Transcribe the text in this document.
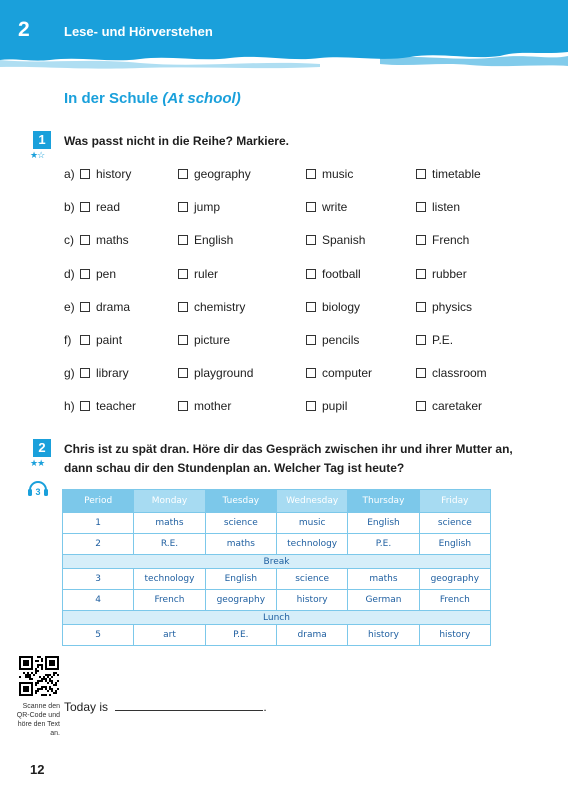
2	Lese- und Hörverstehen
In der Schule (At school)
1
★☆
Was passt nicht in die Reihe? Markiere.
a) history	geography	music	timetable
b) read	jump	write	listen
c) maths	English	Spanish	French
d) pen	ruler	football	rubber
e) drama	chemistry	biology	physics
f) paint	picture	pencils	P.E.
g) library	playground	computer	classroom
h) teacher	mother	pupil	caretaker
2
★★
3
Chris ist zu spät dran. Höre dir das Gespräch zwischen ihr und ihrer Mutter an, dann schau dir den Stundenplan an. Welcher Tag ist heute?
Period	Monday	Tuesday	Wednesday	Thursday	Friday
1	maths	science	music	English	science
2	R.E.	maths	technology	P.E.	English
Break					
3	technology	English	science	maths	geography
4	French	geography	history	German	French
Lunch					
5	art	P.E.	drama	history	history
Scanne den QR-Code und höre den Text an.
Today is	.
12
